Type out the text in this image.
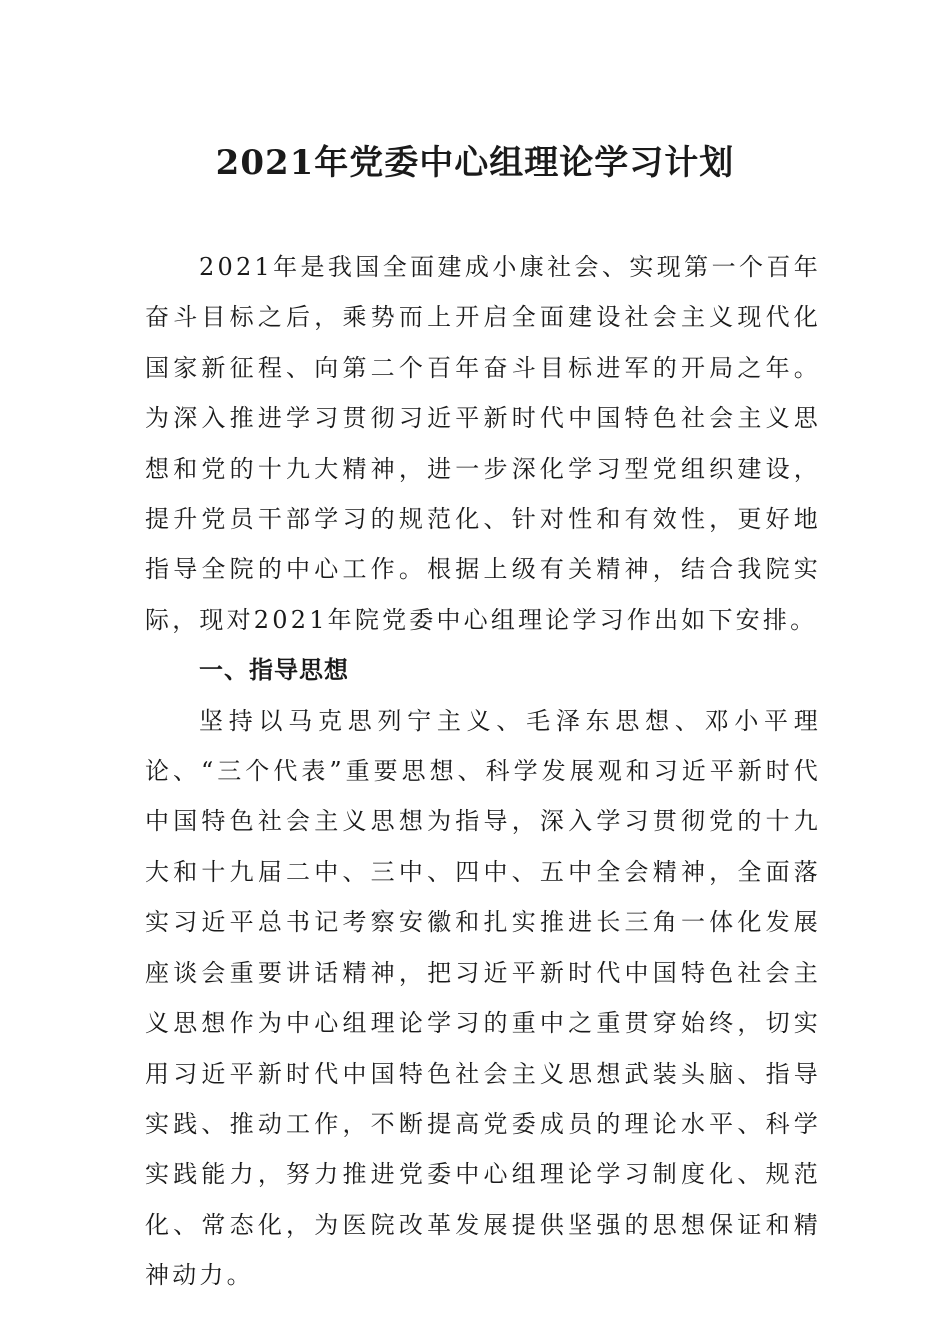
2021年党委中心组理论学习计划

2021年是我国全面建成小康社会、实现第一个百年奋斗目标之后，乘势而上开启全面建设社会主义现代化国家新征程、向第二个百年奋斗目标进军的开局之年。为深入推进学习贯彻习近平新时代中国特色社会主义思想和党的十九大精神，进一步深化学习型党组织建设，提升党员干部学习的规范化、针对性和有效性，更好地指导全院的中心工作。根据上级有关精神，结合我院实际，现对2021年院党委中心组理论学习作出如下安排。

一、指导思想

坚持以马克思列宁主义、毛泽东思想、邓小平理论、“三个代表”重要思想、科学发展观和习近平新时代中国特色社会主义思想为指导，深入学习贯彻党的十九大和十九届二中、三中、四中、五中全会精神，全面落实习近平总书记考察安徽和扎实推进长三角一体化发展座谈会重要讲话精神，把习近平新时代中国特色社会主义思想作为中心组理论学习的重中之重贯穿始终，切实用习近平新时代中国特色社会主义思想武装头脑、指导实践、推动工作，不断提高党委成员的理论水平、科学实践能力，努力推进党委中心组理论学习制度化、规范化、常态化，为医院改革发展提供坚强的思想保证和精神动力。
